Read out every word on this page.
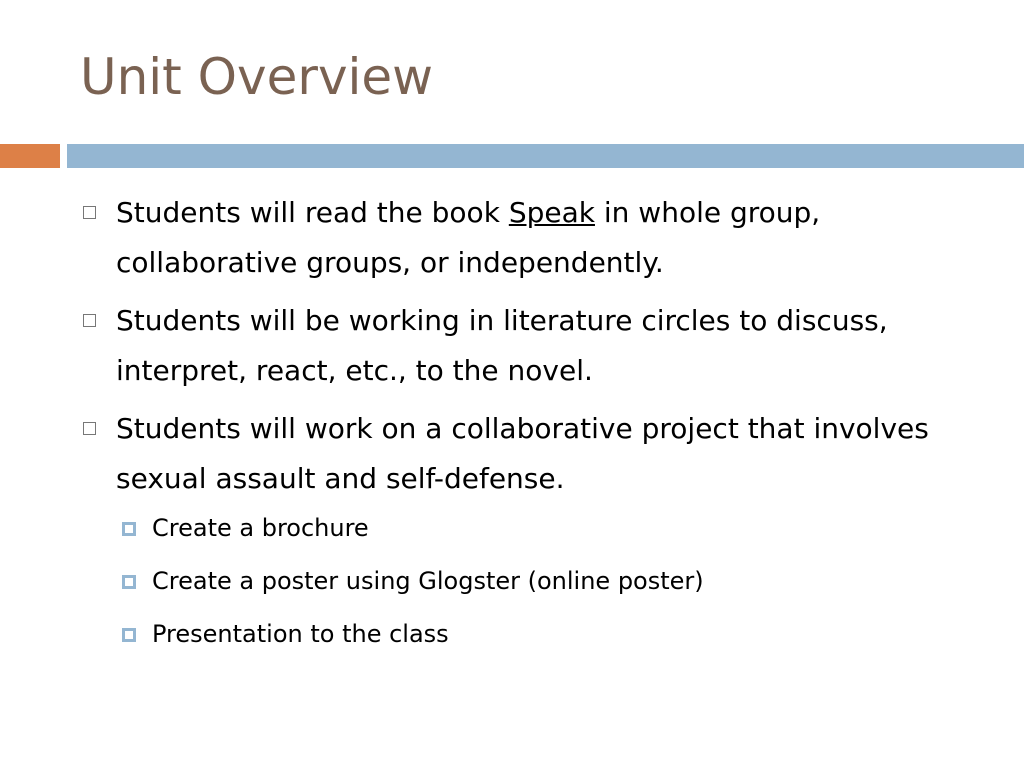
Unit Overview
Students will read the book Speak in whole group, collaborative groups, or independently.
Students will be working in literature circles to discuss, interpret, react, etc., to the novel.
Students will work on a collaborative project that involves sexual assault and self-defense.
Create a brochure
Create a poster using Glogster (online poster)
Presentation to the class
